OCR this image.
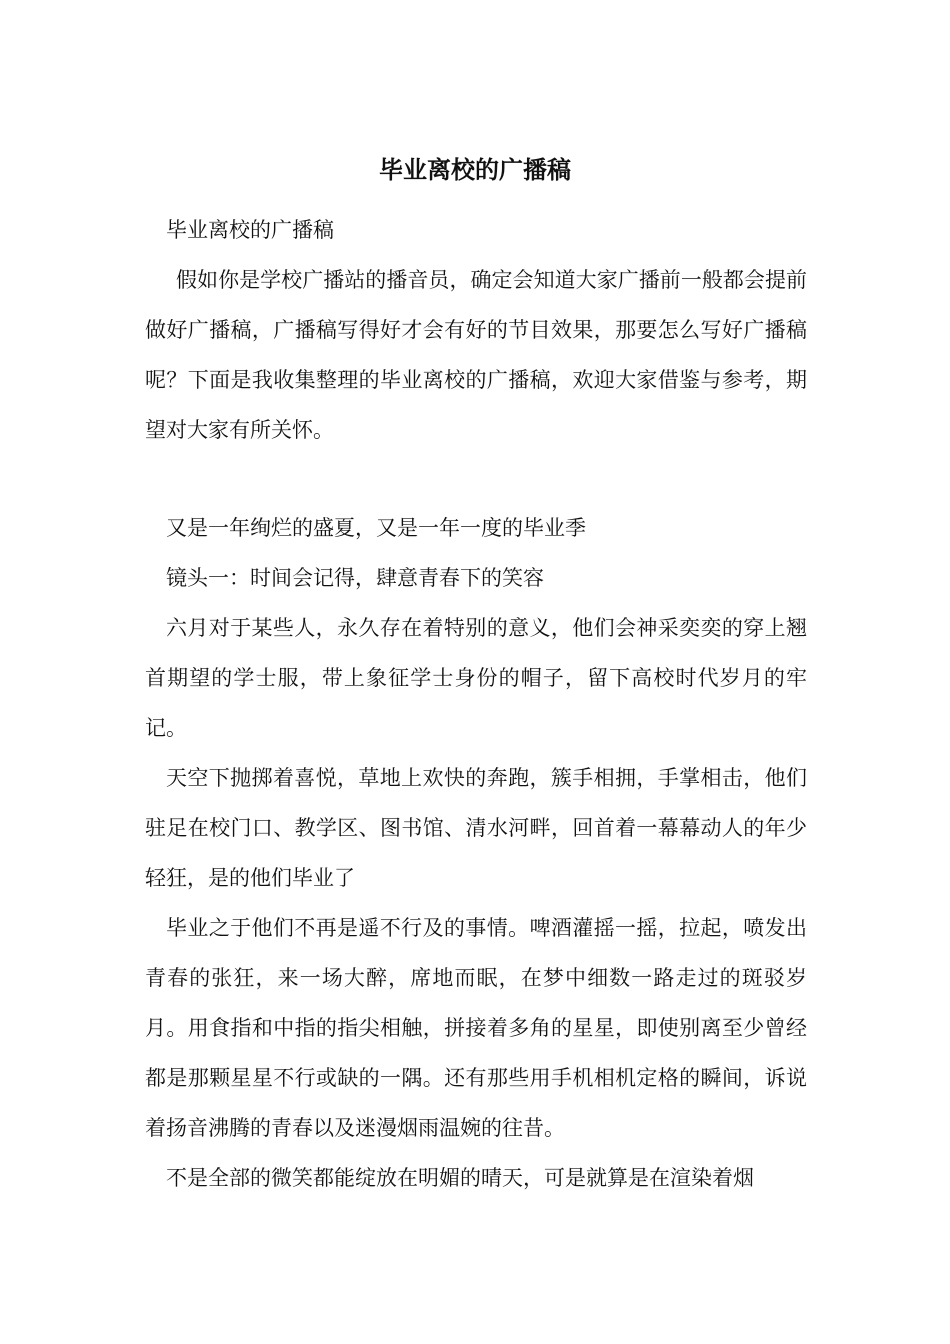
毕业离校的广播稿

毕业离校的广播稿

假如你是学校广播站的播音员，确定会知道大家广播前一般都会提前做好广播稿，广播稿写得好才会有好的节目效果，那要怎么写好广播稿呢？下面是我收集整理的毕业离校的广播稿，欢迎大家借鉴与参考，期望对大家有所关怀。

又是一年绚烂的盛夏，又是一年一度的毕业季

镜头一：时间会记得，肆意青春下的笑容

六月对于某些人，永久存在着特别的意义，他们会神采奕奕的穿上翘首期望的学士服，带上象征学士身份的帽子，留下高校时代岁月的牢记。

天空下抛掷着喜悦，草地上欢快的奔跑，簇手相拥，手掌相击，他们驻足在校门口、教学区、图书馆、清水河畔，回首着一幕幕动人的年少轻狂，是的他们毕业了

毕业之于他们不再是遥不行及的事情。啤酒灌摇一摇，拉起，喷发出青春的张狂，来一场大醉，席地而眠，在梦中细数一路走过的斑驳岁月。用食指和中指的指尖相触，拼接着多角的星星，即使别离至少曾经都是那颗星星不行或缺的一隅。还有那些用手机相机定格的瞬间，诉说着扬音沸腾的青春以及迷漫烟雨温婉的往昔。

不是全部的微笑都能绽放在明媚的晴天，可是就算是在渲染着烟
